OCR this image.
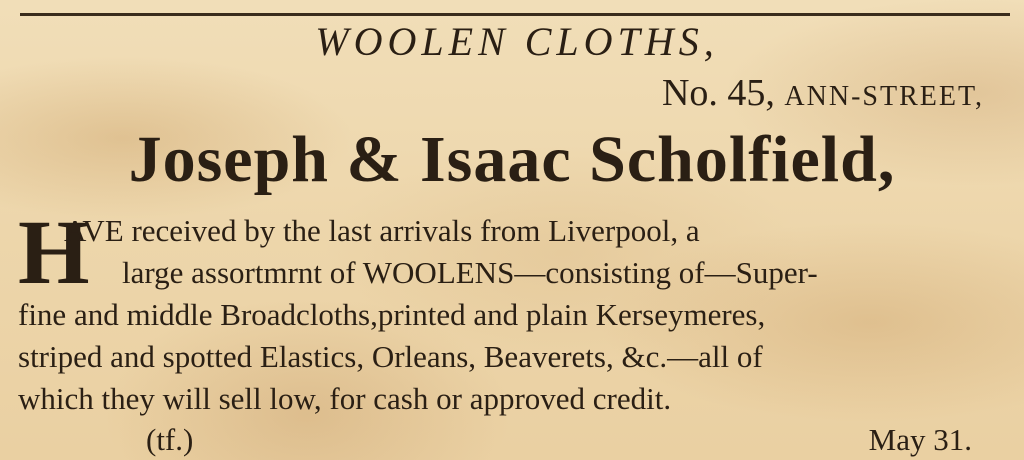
WOOLEN CLOTHS,
No. 45, ANN-STREET,
Joseph & Isaac Scholfield,
H
AVE received by the last arrivals from Liverpool, a
large assortmrnt of WOOLENS—consisting of—Super-
fine and middle Broadcloths,printed and plain Kerseymeres,
striped and spotted Elastics, Orleans, Beaverets, &c.—all of
which they will sell low, for cash or approved credit.
(tf.)	May 31.
